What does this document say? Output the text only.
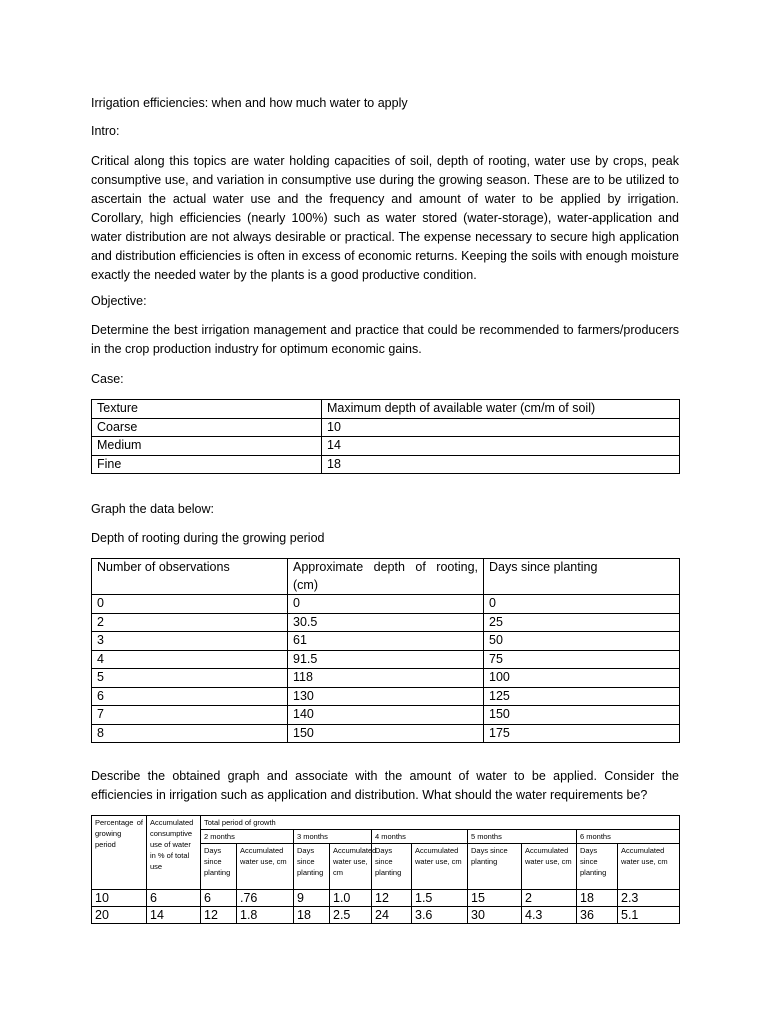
Irrigation efficiencies: when and how much water to apply

Intro:

Critical along this topics are water holding capacities of soil, depth of rooting, water use by crops, peak consumptive use, and variation in consumptive use during the growing season. These are to be utilized to ascertain the actual water use and the frequency and amount of water to be applied by irrigation. Corollary, high efficiencies (nearly 100%) such as water stored (water-storage), water-application and water distribution are not always desirable or practical. The expense necessary to secure high application and distribution efficiencies is often in excess of economic returns. Keeping the soils with enough moisture exactly the needed water by the plants is a good productive condition.

Objective:

Determine the best irrigation management and practice that could be recommended to farmers/producers in the crop production industry for optimum economic gains.

Case:

Texture	Maximum depth of available water (cm/m of soil)
Coarse	10
Medium	14
Fine	18

Graph the data below:

Depth of rooting during the growing period

Number of observations	Approximate depth of rooting, (cm)	Days since planting
0	0	0
2	30.5	25
3	61	50
4	91.5	75
5	118	100
6	130	125
7	140	150
8	150	175

Describe the obtained graph and associate with the amount of water to be applied. Consider the efficiencies in irrigation such as application and distribution. What should the water requirements be?

Percentage of growing period	Accumulated consumptive use of water in % of total use	Total period of growth									
		2 months		3 months		4 months		5 months		6 months	
		Days since planting	Accumulated water use, cm	Days since planting	Accumulated water use, cm	Days since planting	Accumulated water use, cm	Days since planting	Accumulated water use, cm	Days since planting	Accumulated water use, cm
10	6	6	.76	9	1.0	12	1.5	15	2	18	2.3
20	14	12	1.8	18	2.5	24	3.6	30	4.3	36	5.1
